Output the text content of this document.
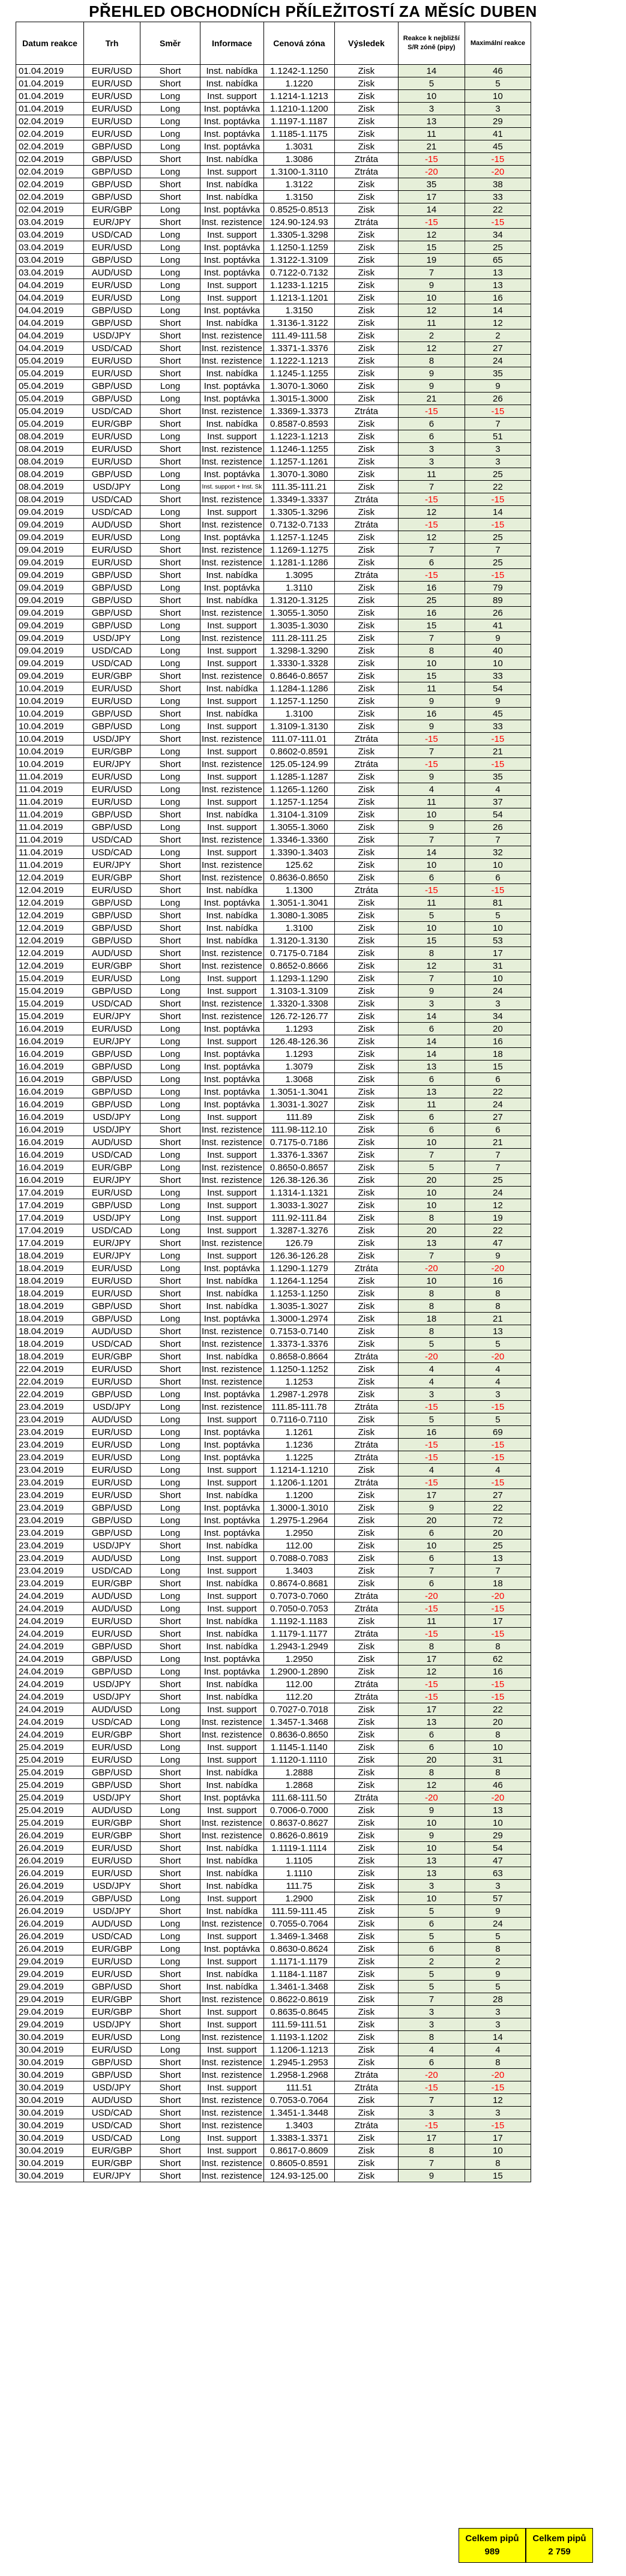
PŘEHLED OBCHODNÍCH PŘÍLEŽITOSTÍ ZA MĚSÍC DUBEN
Datum reakce	Trh	Směr	Informace	Cenová zóna	Výsledek	Reakce k nejbližší S/R zóně (pipy)	Maximální reakce
01.04.2019	EUR/USD	Short	Inst. nabídka	1.1242-1.1250	Zisk	14	46
01.04.2019	EUR/USD	Short	Inst. nabídka	1.1220	Zisk	5	5
01.04.2019	EUR/USD	Long	Inst. support	1.1214-1.1213	Zisk	10	10
01.04.2019	EUR/USD	Long	Inst. poptávka	1.1210-1.1200	Zisk	3	3
02.04.2019	EUR/USD	Long	Inst. poptávka	1.1197-1.1187	Zisk	13	29
02.04.2019	EUR/USD	Long	Inst. poptávka	1.1185-1.1175	Zisk	11	41
02.04.2019	GBP/USD	Long	Inst. poptávka	1.3031	Zisk	21	45
02.04.2019	GBP/USD	Short	Inst. nabídka	1.3086	Ztráta	-15	-15
02.04.2019	GBP/USD	Long	Inst. support	1.3100-1.3110	Ztráta	-20	-20
02.04.2019	GBP/USD	Short	Inst. nabídka	1.3122	Zisk	35	38
02.04.2019	GBP/USD	Short	Inst. nabídka	1.3150	Zisk	17	33
02.04.2019	EUR/GBP	Long	Inst. poptávka	0.8525-0.8513	Zisk	14	22
03.04.2019	EUR/JPY	Short	Inst. rezistence	124.90-124.93	Ztráta	-15	-15
03.04.2019	USD/CAD	Long	Inst. support	1.3305-1.3298	Zisk	12	34
03.04.2019	EUR/USD	Long	Inst. poptávka	1.1250-1.1259	Zisk	15	25
03.04.2019	GBP/USD	Long	Inst. poptávka	1.3122-1.3109	Zisk	19	65
03.04.2019	AUD/USD	Long	Inst. poptávka	0.7122-0.7132	Zisk	7	13
04.04.2019	EUR/USD	Long	Inst. support	1.1233-1.1215	Zisk	9	13
04.04.2019	EUR/USD	Long	Inst. support	1.1213-1.1201	Zisk	10	16
04.04.2019	GBP/USD	Long	Inst. poptávka	1.3150	Zisk	12	14
04.04.2019	GBP/USD	Short	Inst. nabídka	1.3136-1.3122	Zisk	11	12
04.04.2019	USD/JPY	Short	Inst. rezistence	111.49-111.58	Zisk	2	2
04.04.2019	USD/CAD	Short	Inst. rezistence	1.3371-1.3376	Zisk	12	27
05.04.2019	EUR/USD	Short	Inst. rezistence	1.1222-1.1213	Zisk	8	24
05.04.2019	EUR/USD	Short	Inst. nabídka	1.1245-1.1255	Zisk	9	35
05.04.2019	GBP/USD	Long	Inst. poptávka	1.3070-1.3060	Zisk	9	9
05.04.2019	GBP/USD	Long	Inst. poptávka	1.3015-1.3000	Zisk	21	26
05.04.2019	USD/CAD	Short	Inst. rezistence	1.3369-1.3373	Ztráta	-15	-15
05.04.2019	EUR/GBP	Short	Inst. nabídka	0.8587-0.8593	Zisk	6	7
08.04.2019	EUR/USD	Long	Inst. support	1.1223-1.1213	Zisk	6	51
08.04.2019	EUR/USD	Short	Inst. rezistence	1.1246-1.1255	Zisk	3	3
08.04.2019	EUR/USD	Short	Inst. rezistence	1.1257-1.1261	Zisk	3	3
08.04.2019	GBP/USD	Long	Inst. poptávka	1.3070-1.3080	Zisk	11	25
08.04.2019	USD/JPY	Long	Inst. support + Inst. Sk	111.35-111.21	Zisk	7	22
08.04.2019	USD/CAD	Short	Inst. rezistence	1.3349-1.3337	Ztráta	-15	-15
09.04.2019	USD/CAD	Long	Inst. support	1.3305-1.3296	Zisk	12	14
09.04.2019	AUD/USD	Short	Inst. rezistence	0.7132-0.7133	Ztráta	-15	-15
09.04.2019	EUR/USD	Long	Inst. poptávka	1.1257-1.1245	Zisk	12	25
09.04.2019	EUR/USD	Short	Inst. rezistence	1.1269-1.1275	Zisk	7	7
09.04.2019	EUR/USD	Short	Inst. rezistence	1.1281-1.1286	Zisk	6	25
09.04.2019	GBP/USD	Short	Inst. nabídka	1.3095	Ztráta	-15	-15
09.04.2019	GBP/USD	Long	Inst. poptávka	1.3110	Zisk	16	79
09.04.2019	GBP/USD	Short	Inst. nabídka	1.3120-1.3125	Zisk	25	89
09.04.2019	GBP/USD	Short	Inst. rezistence	1.3055-1.3050	Zisk	16	26
09.04.2019	GBP/USD	Long	Inst. support	1.3035-1.3030	Zisk	15	41
09.04.2019	USD/JPY	Long	Inst. rezistence	111.28-111.25	Zisk	7	9
09.04.2019	USD/CAD	Long	Inst. support	1.3298-1.3290	Zisk	8	40
09.04.2019	USD/CAD	Long	Inst. support	1.3330-1.3328	Zisk	10	10
09.04.2019	EUR/GBP	Short	Inst. rezistence	0.8646-0.8657	Zisk	15	33
10.04.2019	EUR/USD	Short	Inst. nabídka	1.1284-1.1286	Zisk	11	54
10.04.2019	EUR/USD	Long	Inst. support	1.1257-1.1250	Zisk	9	9
10.04.2019	GBP/USD	Short	Inst. nabídka	1.3100	Zisk	16	45
10.04.2019	GBP/USD	Long	Inst. support	1.3109-1.3130	Zisk	9	33
10.04.2019	USD/JPY	Short	Inst. rezistence	111.07-111.01	Ztráta	-15	-15
10.04.2019	EUR/GBP	Long	Inst. support	0.8602-0.8591	Zisk	7	21
10.04.2019	EUR/JPY	Short	Inst. rezistence	125.05-124.99	Ztráta	-15	-15
11.04.2019	EUR/USD	Long	Inst. support	1.1285-1.1287	Zisk	9	35
11.04.2019	EUR/USD	Long	Inst. rezistence	1.1265-1.1260	Zisk	4	4
11.04.2019	EUR/USD	Long	Inst. support	1.1257-1.1254	Zisk	11	37
11.04.2019	GBP/USD	Short	Inst. nabídka	1.3104-1.3109	Zisk	10	54
11.04.2019	GBP/USD	Long	Inst. support	1.3055-1.3060	Zisk	9	26
11.04.2019	USD/CAD	Short	Inst. rezistence	1.3346-1.3360	Zisk	7	7
11.04.2019	USD/CAD	Long	Inst. support	1.3390-1.3403	Zisk	14	32
11.04.2019	EUR/JPY	Short	Inst. rezistence	125.62	Zisk	10	10
12.04.2019	EUR/GBP	Short	Inst. rezistence	0.8636-0.8650	Zisk	6	6
12.04.2019	EUR/USD	Short	Inst. nabídka	1.1300	Ztráta	-15	-15
12.04.2019	GBP/USD	Long	Inst. poptávka	1.3051-1.3041	Zisk	11	81
12.04.2019	GBP/USD	Short	Inst. nabídka	1.3080-1.3085	Zisk	5	5
12.04.2019	GBP/USD	Short	Inst. nabídka	1.3100	Zisk	10	10
12.04.2019	GBP/USD	Short	Inst. nabídka	1.3120-1.3130	Zisk	15	53
12.04.2019	AUD/USD	Short	Inst. rezistence	0.7175-0.7184	Zisk	8	17
12.04.2019	EUR/GBP	Short	Inst. rezistence	0.8652-0.8666	Zisk	12	31
15.04.2019	EUR/USD	Long	Inst. support	1.1293-1.1290	Zisk	7	10
15.04.2019	GBP/USD	Long	Inst. support	1.3103-1.3109	Zisk	9	24
15.04.2019	USD/CAD	Short	Inst. rezistence	1.3320-1.3308	Zisk	3	3
15.04.2019	EUR/JPY	Short	Inst. rezistence	126.72-126.77	Zisk	14	34
16.04.2019	EUR/USD	Long	Inst. poptávka	1.1293	Zisk	6	20
16.04.2019	EUR/JPY	Long	Inst. support	126.48-126.36	Zisk	14	16
16.04.2019	GBP/USD	Long	Inst. poptávka	1.1293	Zisk	14	18
16.04.2019	GBP/USD	Long	Inst. poptávka	1.3079	Zisk	13	15
16.04.2019	GBP/USD	Long	Inst. poptávka	1.3068	Zisk	6	6
16.04.2019	GBP/USD	Long	Inst. poptávka	1.3051-1.3041	Zisk	13	22
16.04.2019	GBP/USD	Long	Inst. poptávka	1.3031-1.3027	Zisk	11	24
16.04.2019	USD/JPY	Long	Inst. support	111.89	Zisk	6	27
16.04.2019	USD/JPY	Short	Inst. rezistence	111.98-112.10	Zisk	6	6
16.04.2019	AUD/USD	Short	Inst. rezistence	0.7175-0.7186	Zisk	10	21
16.04.2019	USD/CAD	Long	Inst. support	1.3376-1.3367	Zisk	7	7
16.04.2019	EUR/GBP	Long	Inst. rezistence	0.8650-0.8657	Zisk	5	7
16.04.2019	EUR/JPY	Short	Inst. rezistence	126.38-126.36	Zisk	20	25
17.04.2019	EUR/USD	Long	Inst. support	1.1314-1.1321	Zisk	10	24
17.04.2019	GBP/USD	Long	Inst. support	1.3033-1.3027	Zisk	10	12
17.04.2019	USD/JPY	Long	Inst. support	111.92-111.84	Zisk	8	19
17.04.2019	USD/CAD	Long	Inst. support	1.3287-1.3276	Zisk	20	22
17.04.2019	EUR/JPY	Short	Inst. rezistence	126.79	Zisk	13	47
18.04.2019	EUR/JPY	Long	Inst. support	126.36-126.28	Zisk	7	9
18.04.2019	EUR/USD	Long	Inst. poptávka	1.1290-1.1279	Ztráta	-20	-20
18.04.2019	EUR/USD	Short	Inst. nabídka	1.1264-1.1254	Zisk	10	16
18.04.2019	EUR/USD	Short	Inst. nabídka	1.1253-1.1250	Zisk	8	8
18.04.2019	GBP/USD	Short	Inst. nabídka	1.3035-1.3027	Zisk	8	8
18.04.2019	GBP/USD	Long	Inst. poptávka	1.3000-1.2974	Zisk	18	21
18.04.2019	AUD/USD	Short	Inst. rezistence	0.7153-0.7140	Zisk	8	13
18.04.2019	USD/CAD	Short	Inst. rezistence	1.3373-1.3376	Zisk	5	5
18.04.2019	EUR/GBP	Short	Inst. nabídka	0.8658-0.8664	Ztráta	-20	-20
22.04.2019	EUR/USD	Short	Inst. rezistence	1.1250-1.1252	Zisk	4	4
22.04.2019	EUR/USD	Short	Inst. rezistence	1.1253	Zisk	4	4
22.04.2019	GBP/USD	Long	Inst. poptávka	1.2987-1.2978	Zisk	3	3
23.04.2019	USD/JPY	Long	Inst. rezistence	111.85-111.78	Ztráta	-15	-15
23.04.2019	AUD/USD	Long	Inst. support	0.7116-0.7110	Zisk	5	5
23.04.2019	EUR/USD	Long	Inst. poptávka	1.1261	Zisk	16	69
23.04.2019	EUR/USD	Long	Inst. poptávka	1.1236	Ztráta	-15	-15
23.04.2019	EUR/USD	Long	Inst. poptávka	1.1225	Ztráta	-15	-15
23.04.2019	EUR/USD	Long	Inst. support	1.1214-1.1210	Zisk	4	4
23.04.2019	EUR/USD	Long	Inst. support	1.1206-1.1201	Ztráta	-15	-15
23.04.2019	EUR/USD	Short	Inst. nabídka	1.1200	Zisk	17	27
23.04.2019	GBP/USD	Long	Inst. poptávka	1.3000-1.3010	Zisk	9	22
23.04.2019	GBP/USD	Long	Inst. poptávka	1.2975-1.2964	Zisk	20	72
23.04.2019	GBP/USD	Long	Inst. poptávka	1.2950	Zisk	6	20
23.04.2019	USD/JPY	Short	Inst. nabídka	112.00	Zisk	10	25
23.04.2019	AUD/USD	Long	Inst. support	0.7088-0.7083	Zisk	6	13
23.04.2019	USD/CAD	Long	Inst. support	1.3403	Zisk	7	7
23.04.2019	EUR/GBP	Short	Inst. nabídka	0.8674-0.8681	Zisk	6	18
24.04.2019	AUD/USD	Long	Inst. support	0.7073-0.7060	Ztráta	-20	-20
24.04.2019	AUD/USD	Long	Inst. support	0.7050-0.7053	Ztráta	-15	-15
24.04.2019	EUR/USD	Short	Inst. nabídka	1.1192-1.1183	Zisk	11	17
24.04.2019	EUR/USD	Short	Inst. nabídka	1.1179-1.1177	Ztráta	-15	-15
24.04.2019	GBP/USD	Short	Inst. nabídka	1.2943-1.2949	Zisk	8	8
24.04.2019	GBP/USD	Long	Inst. poptávka	1.2950	Zisk	17	62
24.04.2019	GBP/USD	Long	Inst. poptávka	1.2900-1.2890	Zisk	12	16
24.04.2019	USD/JPY	Short	Inst. nabídka	112.00	Ztráta	-15	-15
24.04.2019	USD/JPY	Short	Inst. nabídka	112.20	Ztráta	-15	-15
24.04.2019	AUD/USD	Long	Inst. support	0.7027-0.7018	Zisk	17	22
24.04.2019	USD/CAD	Long	Inst. rezistence	1.3457-1.3468	Zisk	13	20
24.04.2019	EUR/GBP	Short	Inst. rezistence	0.8636-0.8650	Zisk	6	8
25.04.2019	EUR/USD	Long	Inst. support	1.1145-1.1140	Zisk	6	10
25.04.2019	EUR/USD	Long	Inst. support	1.1120-1.1110	Zisk	20	31
25.04.2019	GBP/USD	Short	Inst. nabídka	1.2888	Zisk	8	8
25.04.2019	GBP/USD	Short	Inst. nabídka	1.2868	Zisk	12	46
25.04.2019	USD/JPY	Short	Inst. poptávka	111.68-111.50	Ztráta	-20	-20
25.04.2019	AUD/USD	Long	Inst. support	0.7006-0.7000	Zisk	9	13
25.04.2019	EUR/GBP	Short	Inst. rezistence	0.8637-0.8627	Zisk	10	10
26.04.2019	EUR/GBP	Short	Inst. rezistence	0.8626-0.8619	Zisk	9	29
26.04.2019	EUR/USD	Short	Inst. nabídka	1.1119-1.1114	Zisk	10	54
26.04.2019	EUR/USD	Short	Inst. nabídka	1.1105	Zisk	13	47
26.04.2019	EUR/USD	Short	Inst. nabídka	1.1110	Zisk	13	63
26.04.2019	USD/JPY	Short	Inst. nabídka	111.75	Zisk	3	3
26.04.2019	GBP/USD	Long	Inst. support	1.2900	Zisk	10	57
26.04.2019	USD/JPY	Short	Inst. nabídka	111.59-111.45	Zisk	5	9
26.04.2019	AUD/USD	Long	Inst. rezistence	0.7055-0.7064	Zisk	6	24
26.04.2019	USD/CAD	Long	Inst. support	1.3469-1.3468	Zisk	5	5
26.04.2019	EUR/GBP	Long	Inst. poptávka	0.8630-0.8624	Zisk	6	8
29.04.2019	EUR/USD	Long	Inst. support	1.1171-1.1179	Zisk	2	2
29.04.2019	EUR/USD	Short	Inst. nabídka	1.1184-1.1187	Zisk	5	9
29.04.2019	GBP/USD	Short	Inst. nabídka	1.3461-1.3468	Zisk	5	5
29.04.2019	EUR/GBP	Short	Inst. rezistence	0.8622-0.8619	Zisk	7	28
29.04.2019	EUR/GBP	Short	Inst. support	0.8635-0.8645	Zisk	3	3
29.04.2019	USD/JPY	Short	Inst. support	111.59-111.51	Zisk	3	3
30.04.2019	EUR/USD	Long	Inst. rezistence	1.1193-1.1202	Zisk	8	14
30.04.2019	EUR/USD	Long	Inst. support	1.1206-1.1213	Zisk	4	4
30.04.2019	GBP/USD	Short	Inst. rezistence	1.2945-1.2953	Zisk	6	8
30.04.2019	GBP/USD	Short	Inst. rezistence	1.2958-1.2968	Ztráta	-20	-20
30.04.2019	USD/JPY	Short	Inst. support	111.51	Ztráta	-15	-15
30.04.2019	AUD/USD	Short	Inst. rezistence	0.7053-0.7064	Zisk	7	12
30.04.2019	USD/CAD	Short	Inst. rezistence	1.3451-1.3448	Zisk	3	3
30.04.2019	USD/CAD	Short	Inst. rezistence	1.3403	Ztráta	-15	-15
30.04.2019	USD/CAD	Long	Inst. support	1.3383-1.3371	Zisk	17	17
30.04.2019	EUR/GBP	Short	Inst. support	0.8617-0.8609	Zisk	8	10
30.04.2019	EUR/GBP	Short	Inst. rezistence	0.8605-0.8591	Zisk	7	8
30.04.2019	EUR/JPY	Short	Inst. rezistence	124.93-125.00	Zisk	9	15
Celkem pipů
989
Celkem pipů
2 759
